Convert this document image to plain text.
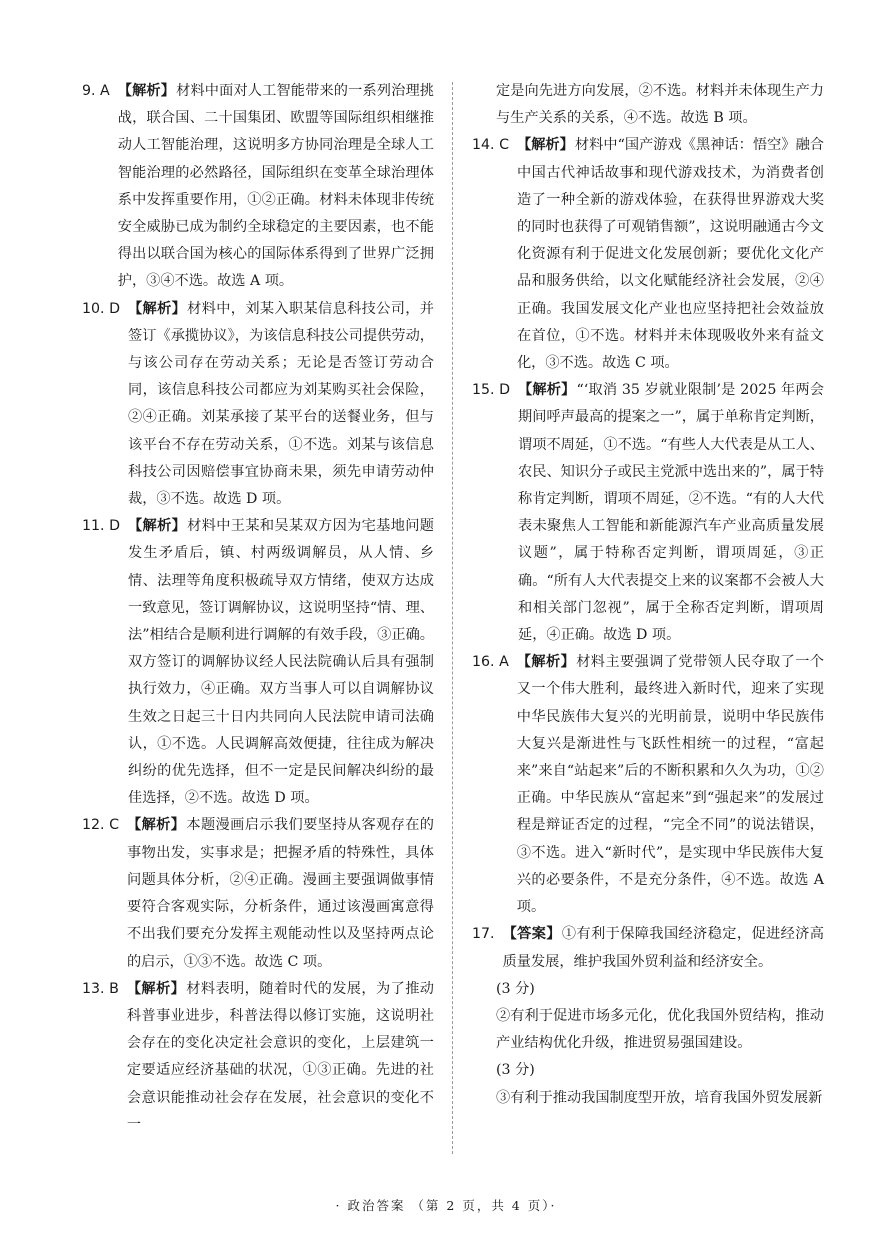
9. A 【解析】材料中面对人工智能带来的一系列治理挑战，联合国、二十国集团、欧盟等国际组织相继推动人工智能治理，这说明多方协同治理是全球人工智能治理的必然路径，国际组织在变革全球治理体系中发挥重要作用，①②正确。材料未体现非传统安全威胁已成为制约全球稳定的主要因素，也不能得出以联合国为核心的国际体系得到了世界广泛拥护，③④不选。故选 A 项。
10. D 【解析】材料中，刘某入职某信息科技公司，并签订《承揽协议》，为该信息科技公司提供劳动，与该公司存在劳动关系；无论是否签订劳动合同，该信息科技公司都应为刘某购买社会保险，②④正确。刘某承接了某平台的送餐业务，但与该平台不存在劳动关系，①不选。刘某与该信息科技公司因赔偿事宜协商未果，须先申请劳动仲裁，③不选。故选 D 项。
11. D 【解析】材料中王某和吴某双方因为宅基地问题发生矛盾后，镇、村两级调解员，从人情、乡情、法理等角度积极疏导双方情绪，使双方达成一致意见，签订调解协议，这说明坚持“情、理、法”相结合是顺利进行调解的有效手段，③正确。双方签订的调解协议经人民法院确认后具有强制执行效力，④正确。双方当事人可以自调解协议生效之日起三十日内共同向人民法院申请司法确认，①不选。人民调解高效便捷，往往成为解决纠纷的优先选择，但不一定是民间解决纠纷的最佳选择，②不选。故选 D 项。
12. C 【解析】本题漫画启示我们要坚持从客观存在的事物出发，实事求是；把握矛盾的特殊性，具体问题具体分析，②④正确。漫画主要强调做事情要符合客观实际，分析条件，通过该漫画寓意得不出我们要充分发挥主观能动性以及坚持两点论的启示，①③不选。故选 C 项。
13. B 【解析】材料表明，随着时代的发展，为了推动科普事业进步，科普法得以修订实施，这说明社会存在的变化决定社会意识的变化，上层建筑一定要适应经济基础的状况，①③正确。先进的社会意识能推动社会存在发展，社会意识的变化不一
定是向先进方向发展，②不选。材料并未体现生产力与生产关系的关系，④不选。故选 B 项。
14. C 【解析】材料中“国产游戏《黑神话：悟空》融合中国古代神话故事和现代游戏技术，为消费者创造了一种全新的游戏体验，在获得世界游戏大奖的同时也获得了可观销售额”，这说明融通古今文化资源有利于促进文化发展创新；要优化文化产品和服务供给，以文化赋能经济社会发展，②④正确。我国发展文化产业也应坚持把社会效益放在首位，①不选。材料并未体现吸收外来有益文化，③不选。故选 C 项。
15. D 【解析】“‘取消 35 岁就业限制’是 2025 年两会期间呼声最高的提案之一”，属于单称肯定判断，谓项不周延，①不选。“有些人大代表是从工人、农民、知识分子或民主党派中选出来的”，属于特称肯定判断，谓项不周延，②不选。“有的人大代表未聚焦人工智能和新能源汽车产业高质量发展议题”，属于特称否定判断，谓项周延，③正确。“所有人大代表提交上来的议案都不会被人大和相关部门忽视”，属于全称否定判断，谓项周延，④正确。故选 D 项。
16. A 【解析】材料主要强调了党带领人民夺取了一个又一个伟大胜利，最终进入新时代，迎来了实现中华民族伟大复兴的光明前景，说明中华民族伟大复兴是渐进性与飞跃性相统一的过程，“富起来”来自“站起来”后的不断积累和久久为功，①②正确。中华民族从“富起来”到“强起来”的发展过程是辩证否定的过程，“完全不同”的说法错误，③不选。进入“新时代”，是实现中华民族伟大复兴的必要条件，不是充分条件，④不选。故选 A 项。
17. 【答案】①有利于保障我国经济稳定，促进经济高质量发展，维护我国外贸利益和经济安全。
(3 分)
②有利于促进市场多元化，优化我国外贸结构，推动产业结构优化升级，推进贸易强国建设。
(3 分)
③有利于推动我国制度型开放，培育我国外贸发展新
· 政治答案 （第 2 页，共 4 页）·
